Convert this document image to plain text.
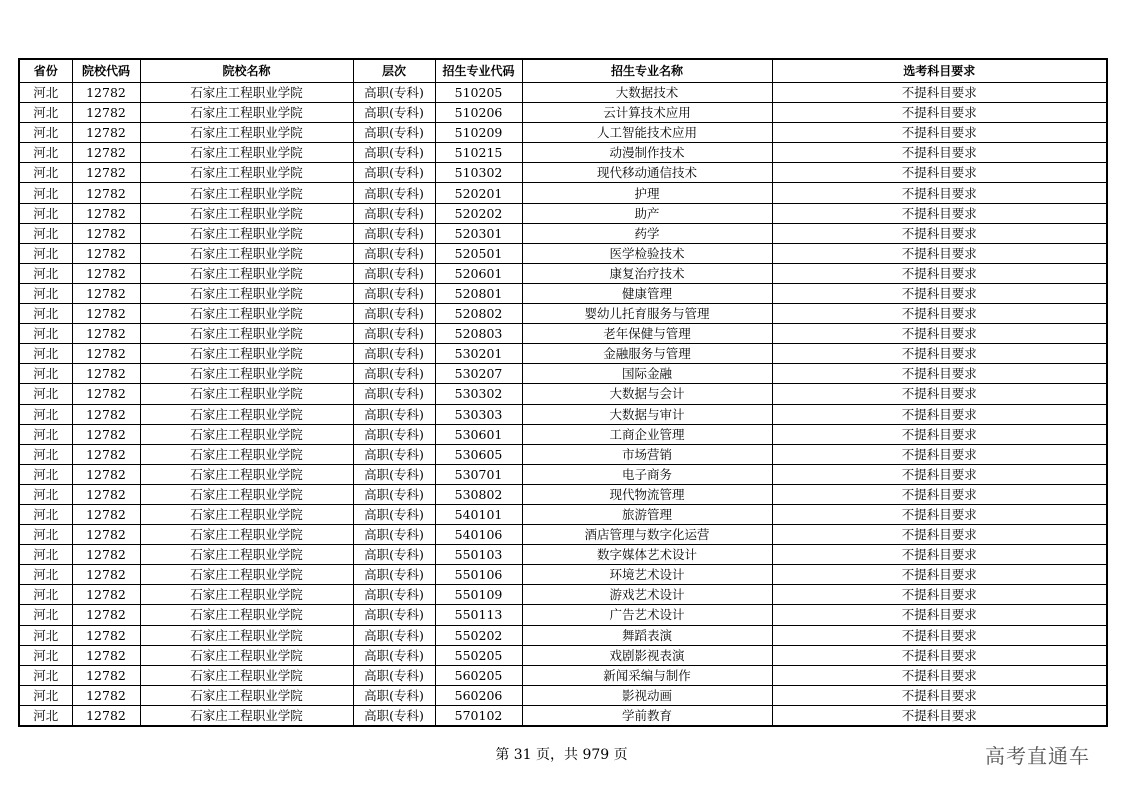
省份	院校代码	院校名称	层次	招生专业代码	招生专业名称	选考科目要求
河北	12782	石家庄工程职业学院	高职(专科)	510205	大数据技术	不提科目要求
河北	12782	石家庄工程职业学院	高职(专科)	510206	云计算技术应用	不提科目要求
河北	12782	石家庄工程职业学院	高职(专科)	510209	人工智能技术应用	不提科目要求
河北	12782	石家庄工程职业学院	高职(专科)	510215	动漫制作技术	不提科目要求
河北	12782	石家庄工程职业学院	高职(专科)	510302	现代移动通信技术	不提科目要求
河北	12782	石家庄工程职业学院	高职(专科)	520201	护理	不提科目要求
河北	12782	石家庄工程职业学院	高职(专科)	520202	助产	不提科目要求
河北	12782	石家庄工程职业学院	高职(专科)	520301	药学	不提科目要求
河北	12782	石家庄工程职业学院	高职(专科)	520501	医学检验技术	不提科目要求
河北	12782	石家庄工程职业学院	高职(专科)	520601	康复治疗技术	不提科目要求
河北	12782	石家庄工程职业学院	高职(专科)	520801	健康管理	不提科目要求
河北	12782	石家庄工程职业学院	高职(专科)	520802	婴幼儿托育服务与管理	不提科目要求
河北	12782	石家庄工程职业学院	高职(专科)	520803	老年保健与管理	不提科目要求
河北	12782	石家庄工程职业学院	高职(专科)	530201	金融服务与管理	不提科目要求
河北	12782	石家庄工程职业学院	高职(专科)	530207	国际金融	不提科目要求
河北	12782	石家庄工程职业学院	高职(专科)	530302	大数据与会计	不提科目要求
河北	12782	石家庄工程职业学院	高职(专科)	530303	大数据与审计	不提科目要求
河北	12782	石家庄工程职业学院	高职(专科)	530601	工商企业管理	不提科目要求
河北	12782	石家庄工程职业学院	高职(专科)	530605	市场营销	不提科目要求
河北	12782	石家庄工程职业学院	高职(专科)	530701	电子商务	不提科目要求
河北	12782	石家庄工程职业学院	高职(专科)	530802	现代物流管理	不提科目要求
河北	12782	石家庄工程职业学院	高职(专科)	540101	旅游管理	不提科目要求
河北	12782	石家庄工程职业学院	高职(专科)	540106	酒店管理与数字化运营	不提科目要求
河北	12782	石家庄工程职业学院	高职(专科)	550103	数字媒体艺术设计	不提科目要求
河北	12782	石家庄工程职业学院	高职(专科)	550106	环境艺术设计	不提科目要求
河北	12782	石家庄工程职业学院	高职(专科)	550109	游戏艺术设计	不提科目要求
河北	12782	石家庄工程职业学院	高职(专科)	550113	广告艺术设计	不提科目要求
河北	12782	石家庄工程职业学院	高职(专科)	550202	舞蹈表演	不提科目要求
河北	12782	石家庄工程职业学院	高职(专科)	550205	戏剧影视表演	不提科目要求
河北	12782	石家庄工程职业学院	高职(专科)	560205	新闻采编与制作	不提科目要求
河北	12782	石家庄工程职业学院	高职(专科)	560206	影视动画	不提科目要求
河北	12782	石家庄工程职业学院	高职(专科)	570102	学前教育	不提科目要求
第 31 页，共 979 页	高考直通车
